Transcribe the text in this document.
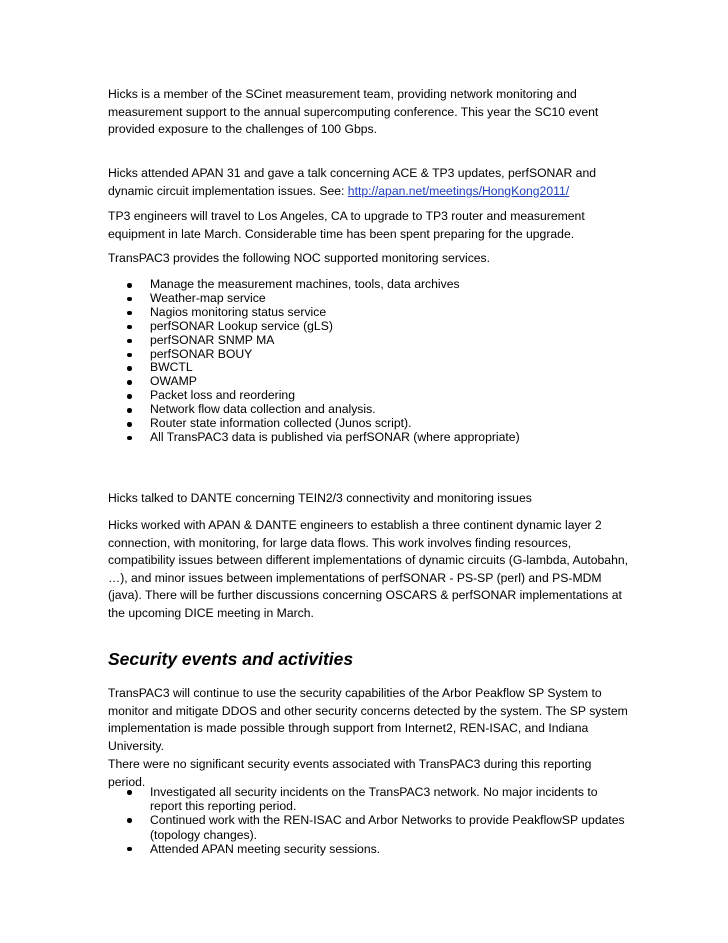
Hicks is a member of the SCinet measurement team, providing network monitoring and
measurement support to the annual supercomputing conference. This year the SC10 event
provided exposure to the challenges of 100 Gbps.

Hicks attended APAN 31 and gave a talk concerning ACE & TP3 updates, perfSONAR and
dynamic circuit implementation issues. See: http://apan.net/meetings/HongKong2011/

TP3 engineers will travel to Los Angeles, CA to upgrade to TP3 router and measurement
equipment in late March. Considerable time has been spent preparing for the upgrade.

TransPAC3 provides the following NOC supported monitoring services.

Manage the measurement machines, tools, data archives
Weather-map service
Nagios monitoring status service
perfSONAR Lookup service (gLS)
perfSONAR SNMP MA
perfSONAR BOUY
BWCTL
OWAMP
Packet loss and reordering
Network flow data collection and analysis.
Router state information collected (Junos script).
All TransPAC3 data is published via perfSONAR (where appropriate)

Hicks talked to DANTE concerning TEIN2/3 connectivity and monitoring issues

Hicks worked with APAN & DANTE engineers to establish a three continent dynamic layer 2
connection, with monitoring, for large data flows. This work involves finding resources,
compatibility issues between different implementations of dynamic circuits (G-lambda, Autobahn,
…), and minor issues between implementations of perfSONAR - PS-SP (perl) and PS-MDM
(java). There will be further discussions concerning OSCARS & perfSONAR implementations at
the upcoming DICE meeting in March.

Security events and activities

TransPAC3 will continue to use the security capabilities of the Arbor Peakflow SP System to
monitor and mitigate DDOS and other security concerns detected by the system. The SP system
implementation is made possible through support from Internet2, REN-ISAC, and Indiana
University.

There were no significant security events associated with TransPAC3 during this reporting period.

Investigated all security incidents on the TransPAC3 network. No major incidents to
report this reporting period.
Continued work with the REN-ISAC and Arbor Networks to provide PeakflowSP updates
(topology changes).
Attended APAN meeting security sessions.
